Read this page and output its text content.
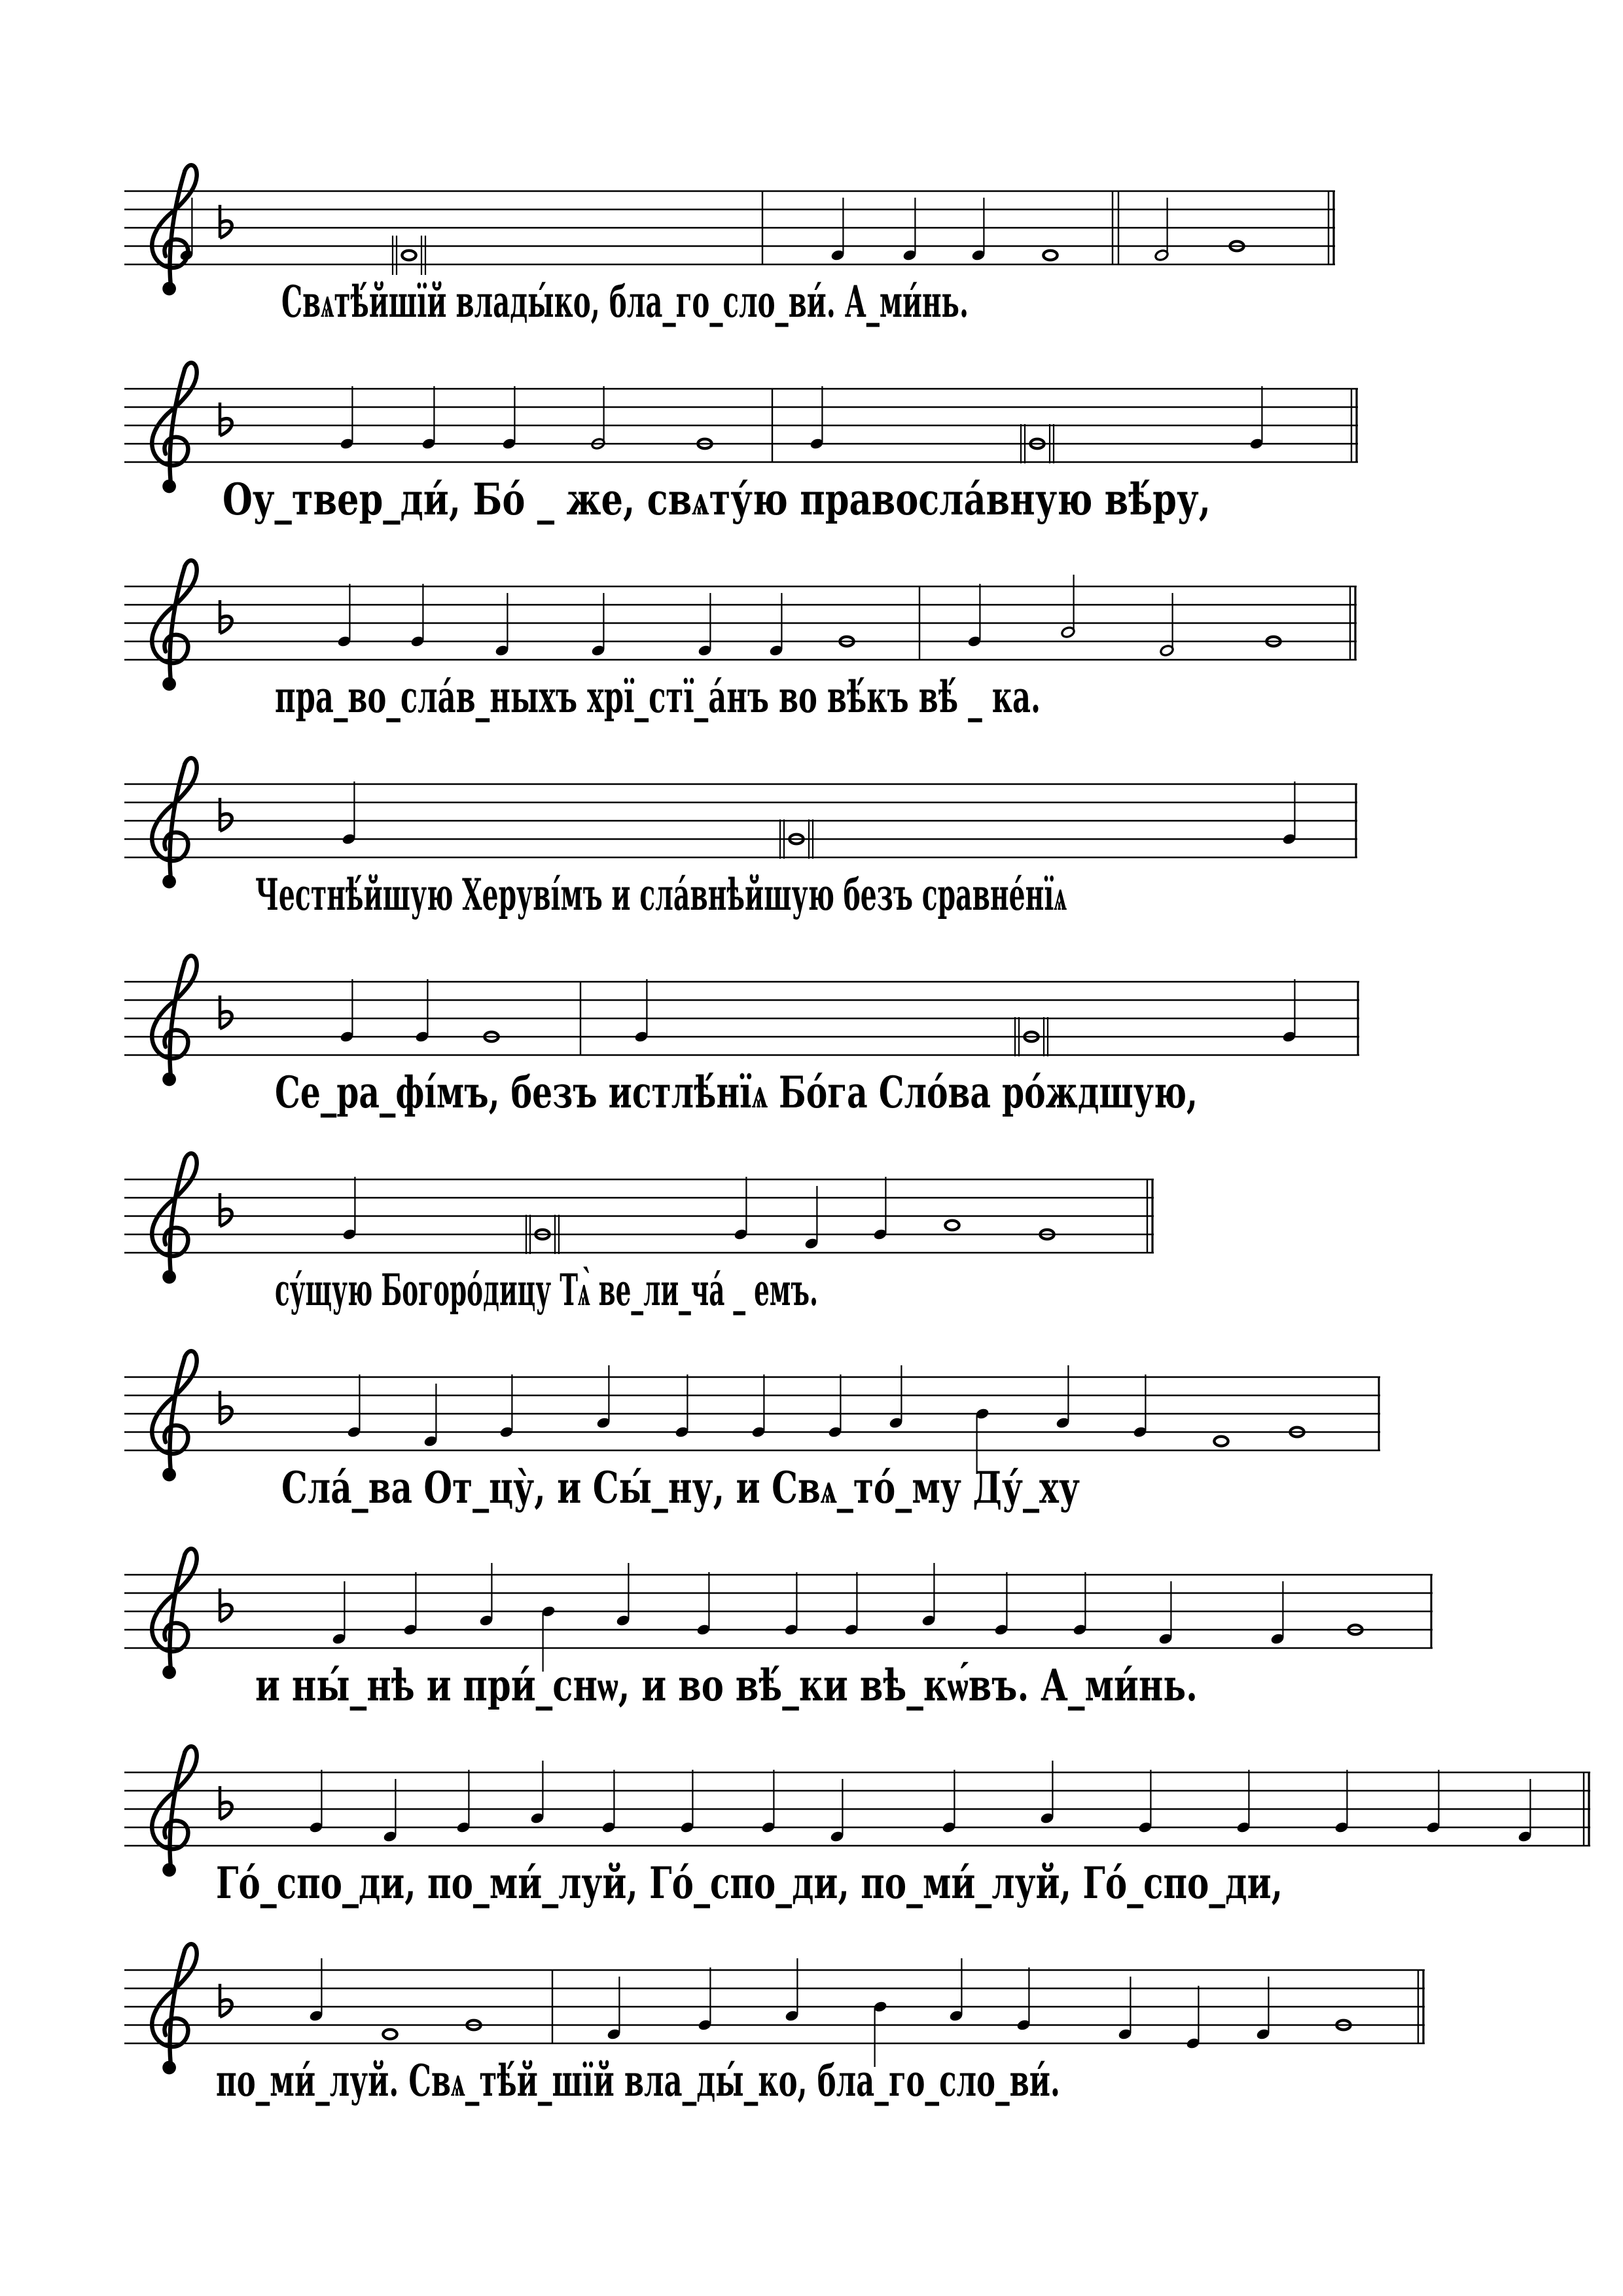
Свѧтѣ́йшїй влады́ко, бла_го_сло_ви́. А_ми́нь.
Оу_твер_ди́, Бо́ _ же, свѧту́ю правосла́вную вѣ́ру,
пра_во_сла́в_ныхъ хрї_стї_а́нъ во вѣ́къ вѣ́ _ ка.
Честнѣ́йшую Херуві́мъ и сла́внѣйшую безъ сравне́нїѧ
Се_ра_фі́мъ, безъ истлѣ́нїѧ Бо́га Сло́ва ро́ждшую,
су́щую Богоро́дицу Тѧ̀ ве_ли_ча́ _ емъ.
Сла́_ва От_цу̀, и Сы́_ну, и Свѧ_то́_му Ду́_ху
и ны́_нѣ и при́_снѡ, и во вѣ́_ки вѣ_кѡ́въ. А_ми́нь.
Го́_спо_ди, по_ми́_луй, Го́_спо_ди, по_ми́_луй, Го́_спо_ди,
по_ми́_луй. Свѧ_тѣ́й_шїй вла_ды́_ко, бла_го_сло_ви́.
